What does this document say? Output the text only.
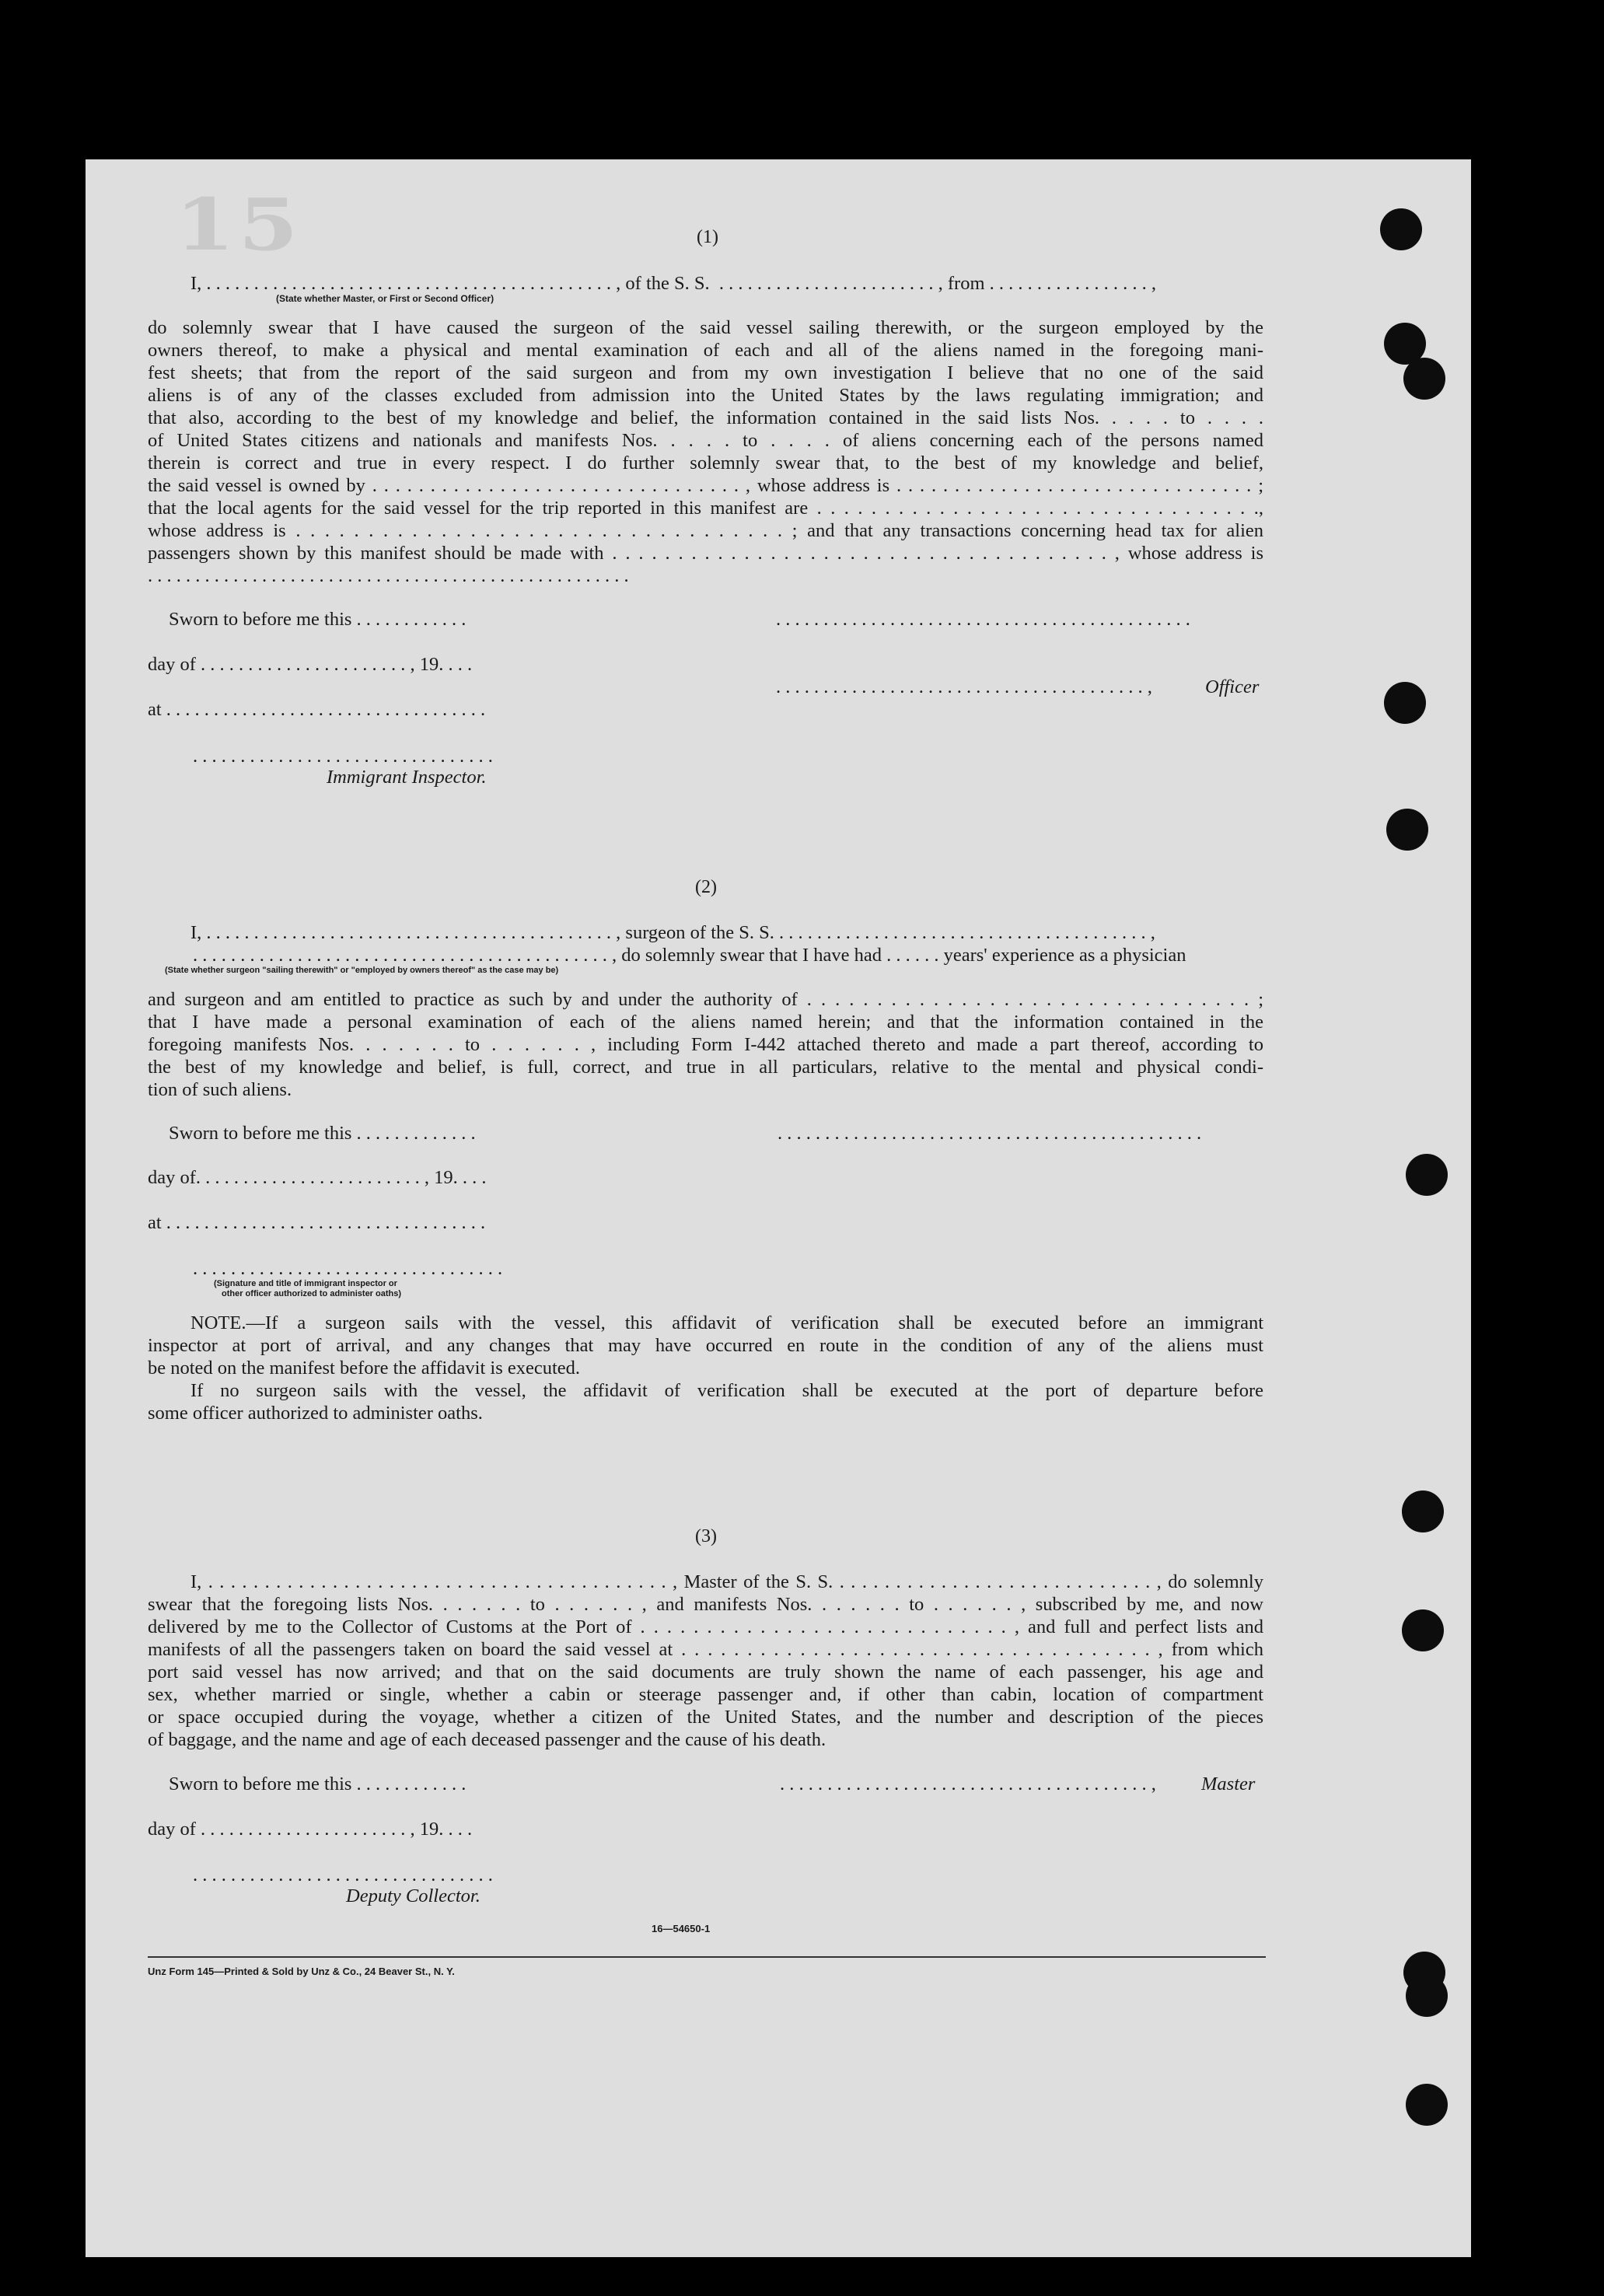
15	(1)
I, . . . . . . . . . . . . . . . . . . . . . . . . . . . . . . . . . . . . . . . . . . . , of the S. S.  . . . . . . . . . . . . . . . . . . . . . . . , from . . . . . . . . . . . . . . . . . ,
(State whether Master, or First or Second Officer)
do solemnly swear that I have caused the surgeon of the said vessel sailing therewith, or the surgeon employed by the
owners thereof, to make a physical and mental examination of each and all of the aliens named in the foregoing mani-
fest sheets; that from the report of the said surgeon and from my own investigation I believe that no one of the said
aliens is of any of the classes excluded from admission into the United States by the laws regulating immigration; and
that also, according to the best of my knowledge and belief, the information contained in the said lists Nos. . . . . to . . . .
of United States citizens and nationals and manifests Nos. . . . . to . . . . of aliens concerning each of the persons named
therein is correct and true in every respect. I do further solemnly swear that, to the best of my knowledge and belief,
the said vessel is owned by . . . . . . . . . . . . . . . . . . . . . . . . . . . . . . . . , whose address is . . . . . . . . . . . . . . . . . . . . . . . . . . . . . . . ;
that the local agents for the said vessel for the trip reported in this manifest are . . . . . . . . . . . . . . . . . . . . . . . . . . . . . . . . .,
whose address is . . . . . . . . . . . . . . . . . . . . . . . . . . . . . . . . . . ; and that any transactions concerning head tax for alien
passengers shown by this manifest should be made with . . . . . . . . . . . . . . . . . . . . . . . . . . . . . . . . . . . . . . , whose address is
. . . . . . . . . . . . . . . . . . . . . . . . . . . . . . . . . . . . . . . . . . . . . . . . . . .
Sworn to before me this . . . . . . . . . . . .	. . . . . . . . . . . . . . . . . . . . . . . . . . . . . . . . . . . . . . . . . . . .
day of . . . . . . . . . . . . . . . . . . . . . . , 19. . . .
. . . . . . . . . . . . . . . . . . . . . . . . . . . . . . . . . . . . . . . ,	Officer
at . . . . . . . . . . . . . . . . . . . . . . . . . . . . . . . . . .
. . . . . . . . . . . . . . . . . . . . . . . . . . . . . . . .
Immigrant Inspector.
(2)
I, . . . . . . . . . . . . . . . . . . . . . . . . . . . . . . . . . . . . . . . . . . . , surgeon of the S. S. . . . . . . . . . . . . . . . . . . . . . . . . . . . . . . . . . . . . . . . ,
. . . . . . . . . . . . . . . . . . . . . . . . . . . . . . . . . . . . . . . . . . . . , do solemnly swear that I have had . . . . . . years' experience as a physician
(State whether surgeon "sailing therewith" or "employed by owners thereof" as the case may be)
and surgeon and am entitled to practice as such by and under the authority of . . . . . . . . . . . . . . . . . . . . . . . . . . . . . . . . ;
that I have made a personal examination of each of the aliens named herein; and that the information contained in the
foregoing manifests Nos. . . . . . . to . . . . . . , including Form I-442 attached thereto and made a part thereof, according to
the best of my knowledge and belief, is full, correct, and true in all particulars, relative to the mental and physical condi-
tion of such aliens.
Sworn to before me this . . . . . . . . . . . . .	. . . . . . . . . . . . . . . . . . . . . . . . . . . . . . . . . . . . . . . . . . . . .
day of. . . . . . . . . . . . . . . . . . . . . . . . , 19. . . .
at . . . . . . . . . . . . . . . . . . . . . . . . . . . . . . . . . .
. . . . . . . . . . . . . . . . . . . . . . . . . . . . . . . . .
(Signature and title of immigrant inspector or
other officer authorized to administer oaths)
NOTE.—If a surgeon sails with the vessel, this affidavit of verification shall be executed before an immigrant
inspector at port of arrival, and any changes that may have occurred en route in the condition of any of the aliens must
be noted on the manifest before the affidavit is executed.
If no surgeon sails with the vessel, the affidavit of verification shall be executed at the port of departure before
some officer authorized to administer oaths.
(3)
I, . . . . . . . . . . . . . . . . . . . . . . . . . . . . . . . . . . . . . . . . . , Master of the S. S. . . . . . . . . . . . . . . . . . . . . . . . . . . . . , do solemnly
swear that the foregoing lists Nos. . . . . . . to . . . . . . , and manifests Nos. . . . . . . to . . . . . . , subscribed by me, and now
delivered by me to the Collector of Customs at the Port of . . . . . . . . . . . . . . . . . . . . . . . . . . . . , and full and perfect lists and
manifests of all the passengers taken on board the said vessel at . . . . . . . . . . . . . . . . . . . . . . . . . . . . . . . . . . . . , from which
port said vessel has now arrived; and that on the said documents are truly shown the name of each passenger, his age and
sex, whether married or single, whether a cabin or steerage passenger and, if other than cabin, location of compartment
or space occupied during the voyage, whether a citizen of the United States, and the number and description of the pieces
of baggage, and the name and age of each deceased passenger and the cause of his death.
Sworn to before me this . . . . . . . . . . . .	. . . . . . . . . . . . . . . . . . . . . . . . . . . . . . . . . . . . . . . , Master
day of . . . . . . . . . . . . . . . . . . . . . . , 19. . . .
. . . . . . . . . . . . . . . . . . . . . . . . . . . . . . . .
Deputy Collector.
16—54650-1
Unz Form 145—Printed & Sold by Unz & Co., 24 Beaver St., N. Y.
